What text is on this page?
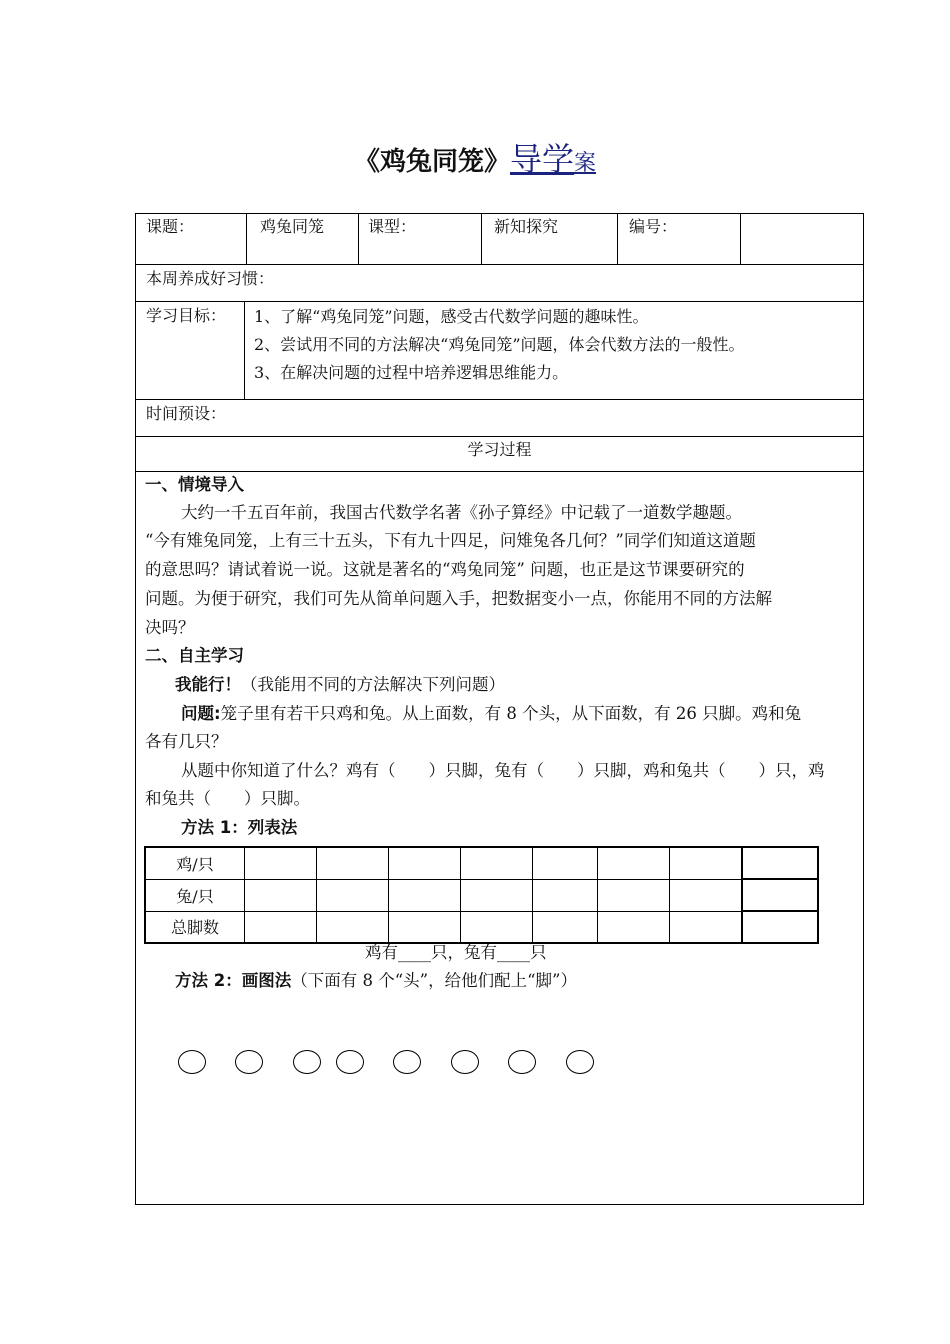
《鸡兔同笼》导学案
课题：	鸡兔同笼	课型：	新知探究	编号：
本周养成好习惯：
学习目标： 1、了解“鸡兔同笼”问题，感受古代数学问题的趣味性。
2、尝试用不同的方法解决“鸡兔同笼”问题，体会代数方法的一般性。
3、在解决问题的过程中培养逻辑思维能力。
时间预设：
学习过程
一、情境导入
大约一千五百年前，我国古代数学名著《孙子算经》中记载了一道数学趣题。
“今有雉兔同笼，上有三十五头，下有九十四足，问雉兔各几何？”同学们知道这道题
的意思吗？请试着说一说。这就是著名的“鸡兔同笼” 问题，也正是这节课要研究的
问题。为便于研究，我们可先从简单问题入手，把数据变小一点，你能用不同的方法解
决吗？
二、自主学习
我能行！（我能用不同的方法解决下列问题）
问题:笼子里有若干只鸡和兔。从上面数，有 8 个头，从下面数，有 26 只脚。鸡和兔
各有几只？
从题中你知道了什么？鸡有（　　）只脚，兔有（　　）只脚，鸡和兔共（　　）只，鸡
和兔共（　　）只脚。
方法 1：列表法
鸡/只								
兔/只								
总脚数								
鸡有____只，兔有____只
方法 2：画图法（下面有 8 个“头”，给他们配上“脚”）
